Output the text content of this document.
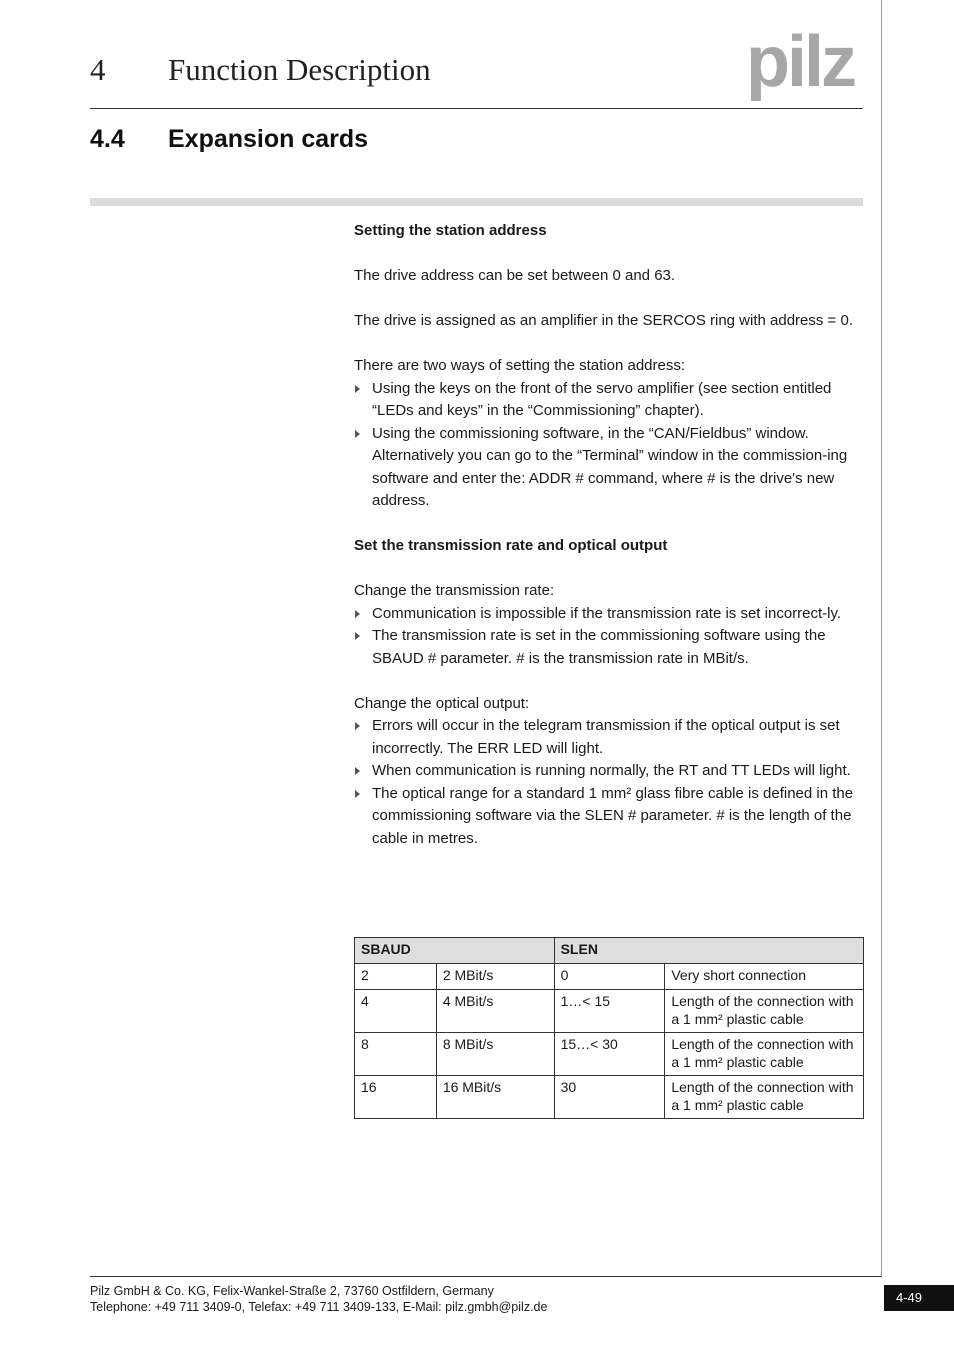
4 Function Description	pilz
4.4 Expansion cards

Setting the station address

The drive address can be set between 0 and 63.

The drive is assigned as an amplifier in the SERCOS ring with address = 0.

There are two ways of setting the station address:

Using the keys on the front of the servo amplifier (see section entitled “LEDs and keys” in the “Commissioning” chapter).
Using the commissioning software, in the “CAN/Fieldbus” window. Alternatively you can go to the “Terminal” window in the commission-ing software and enter the: ADDR # command, where # is the drive's new address.

Set the transmission rate and optical output

Change the transmission rate:

Communication is impossible if the transmission rate is set incorrect-ly.
The transmission rate is set in the commissioning software using the SBAUD # parameter. # is the transmission rate in MBit/s.

Change the optical output:

Errors will occur in the telegram transmission if the optical output is set incorrectly. The ERR LED will light.
When communication is running normally, the RT and TT LEDs will light.
The optical range for a standard 1 mm² glass fibre cable is defined in the commissioning software via the SLEN # parameter. # is the length of the cable in metres.
SBAUD		SLEN	
2	2 MBit/s	0	Very short connection
4	4 MBit/s	1…< 15	Length of the connection with a 1 mm² plastic cable
8	8 MBit/s	15…< 30	Length of the connection with a 1 mm² plastic cable
16	16 MBit/s	30	Length of the connection with a 1 mm² plastic cable
Pilz GmbH & Co. KG, Felix-Wankel-Straße 2, 73760 Ostfildern, Germany
Telephone: +49 711 3409-0, Telefax: +49 711 3409-133, E-Mail: pilz.gmbh@pilz.de
4-49
